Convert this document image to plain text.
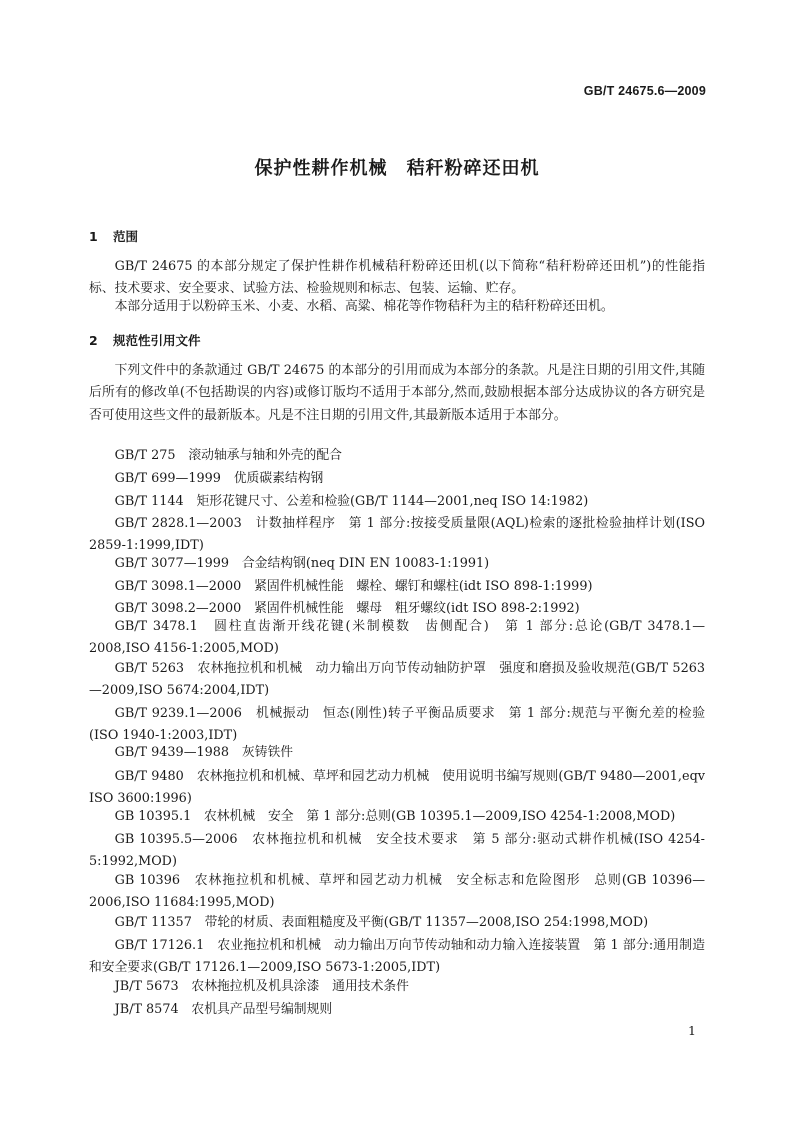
GB/T 24675.6—2009
保护性耕作机械　秸秆粉碎还田机
1 范围
GB/T 24675 的本部分规定了保护性耕作机械秸秆粉碎还田机(以下简称“秸秆粉碎还田机”)的性能指标、技术要求、安全要求、试验方法、检验规则和标志、包装、运输、贮存。
本部分适用于以粉碎玉米、小麦、水稻、高粱、棉花等作物秸秆为主的秸秆粉碎还田机。
2 规范性引用文件
下列文件中的条款通过 GB/T 24675 的本部分的引用而成为本部分的条款。凡是注日期的引用文件,其随后所有的修改单(不包括勘误的内容)或修订版均不适用于本部分,然而,鼓励根据本部分达成协议的各方研究是否可使用这些文件的最新版本。凡是不注日期的引用文件,其最新版本适用于本部分。
GB/T 275　滚动轴承与轴和外壳的配合
GB/T 699—1999　优质碳素结构钢
GB/T 1144　矩形花键尺寸、公差和检验(GB/T 1144—2001,neq ISO 14:1982)
GB/T 2828.1—2003　计数抽样程序　第 1 部分:按接受质量限(AQL)检索的逐批检验抽样计划(ISO 2859-1:1999,IDT)
GB/T 3077—1999　合金结构钢(neq DIN EN 10083-1:1991)
GB/T 3098.1—2000　紧固件机械性能　螺栓、螺钉和螺柱(idt ISO 898-1:1999)
GB/T 3098.2—2000　紧固件机械性能　螺母　粗牙螺纹(idt ISO 898-2:1992)
GB/T 3478.1　圆柱直齿渐开线花键(米制模数　齿侧配合)　第 1 部分:总论(GB/T 3478.1—2008,ISO 4156-1:2005,MOD)
GB/T 5263　农林拖拉机和机械　动力输出万向节传动轴防护罩　强度和磨损及验收规范(GB/T 5263—2009,ISO 5674:2004,IDT)
GB/T 9239.1—2006　机械振动　恒态(刚性)转子平衡品质要求　第 1 部分:规范与平衡允差的检验(ISO 1940-1:2003,IDT)
GB/T 9439—1988　灰铸铁件
GB/T 9480　农林拖拉机和机械、草坪和园艺动力机械　使用说明书编写规则(GB/T 9480—2001,eqv ISO 3600:1996)
GB 10395.1　农林机械　安全　第 1 部分:总则(GB 10395.1—2009,ISO 4254-1:2008,MOD)
GB 10395.5—2006　农林拖拉机和机械　安全技术要求　第 5 部分:驱动式耕作机械(ISO 4254-5:1992,MOD)
GB 10396　农林拖拉机和机械、草坪和园艺动力机械　安全标志和危险图形　总则(GB 10396—2006,ISO 11684:1995,MOD)
GB/T 11357　带轮的材质、表面粗糙度及平衡(GB/T 11357—2008,ISO 254:1998,MOD)
GB/T 17126.1　农业拖拉机和机械　动力输出万向节传动轴和动力输入连接装置　第 1 部分:通用制造和安全要求(GB/T 17126.1—2009,ISO 5673-1:2005,IDT)
JB/T 5673　农林拖拉机及机具涂漆　通用技术条件
JB/T 8574　农机具产品型号编制规则
1
